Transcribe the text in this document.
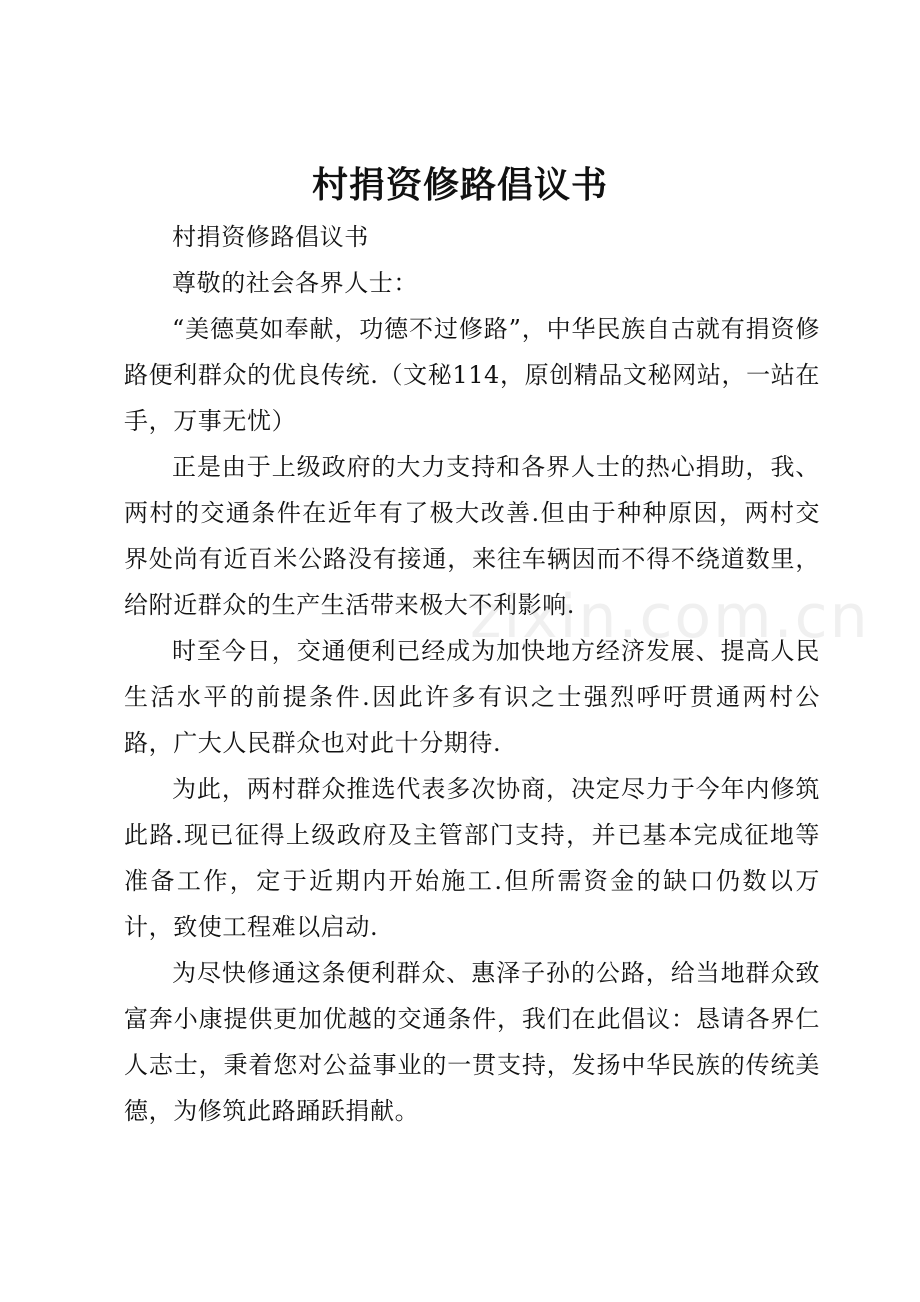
村捐资修路倡议书

村捐资修路倡议书

尊敬的社会各界人士：

“美德莫如奉献，功德不过修路”，中华民族自古就有捐资修路便利群众的优良传统.（文秘114，原创精品文秘网站，一站在手，万事无忧）

正是由于上级政府的大力支持和各界人士的热心捐助，我、两村的交通条件在近年有了极大改善.但由于种种原因，两村交界处尚有近百米公路没有接通，来往车辆因而不得不绕道数里，给附近群众的生产生活带来极大不利影响.

时至今日，交通便利已经成为加快地方经济发展、提高人民生活水平的前提条件.因此许多有识之士强烈呼吁贯通两村公路，广大人民群众也对此十分期待.

为此，两村群众推选代表多次协商，决定尽力于今年内修筑此路.现已征得上级政府及主管部门支持，并已基本完成征地等准备工作，定于近期内开始施工.但所需资金的缺口仍数以万计，致使工程难以启动.

为尽快修通这条便利群众、惠泽子孙的公路，给当地群众致富奔小康提供更加优越的交通条件，我们在此倡议：恳请各界仁人志士，秉着您对公益事业的一贯支持，发扬中华民族的传统美德，为修筑此路踊跃捐献。

zixin.com.cn
